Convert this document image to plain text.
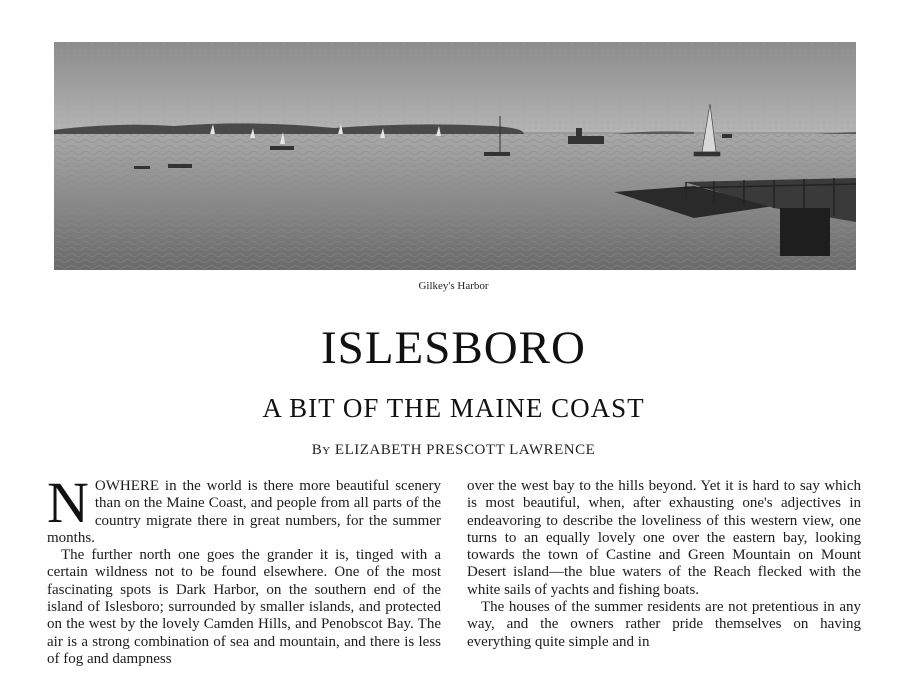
Gilkey's Harbor
ISLESBORO
A BIT OF THE MAINE COAST
By ELIZABETH PRESCOTT LAWRENCE

NOWHERE in the world is there more beautiful scenery than on the Maine Coast, and people from all parts of the country migrate there in great numbers, for the summer months.

The further north one goes the grander it is, tinged with a certain wildness not to be found elsewhere. One of the most fascinating spots is Dark Harbor, on the southern end of the island of Islesboro; surrounded by smaller islands, and protected on the west by the lovely Camden Hills, and Penobscot Bay. The air is a strong combination of sea and mountain, and there is less of fog and dampness

over the west bay to the hills beyond. Yet it is hard to say which is most beautiful, when, after exhausting one's adjectives in endeavoring to describe the loveliness of this western view, one turns to an equally lovely one over the eastern bay, looking towards the town of Castine and Green Mountain on Mount Desert island—the blue waters of the Reach flecked with the white sails of yachts and fishing boats.

The houses of the summer residents are not pretentious in any way, and the owners rather pride themselves on having everything quite simple and in
